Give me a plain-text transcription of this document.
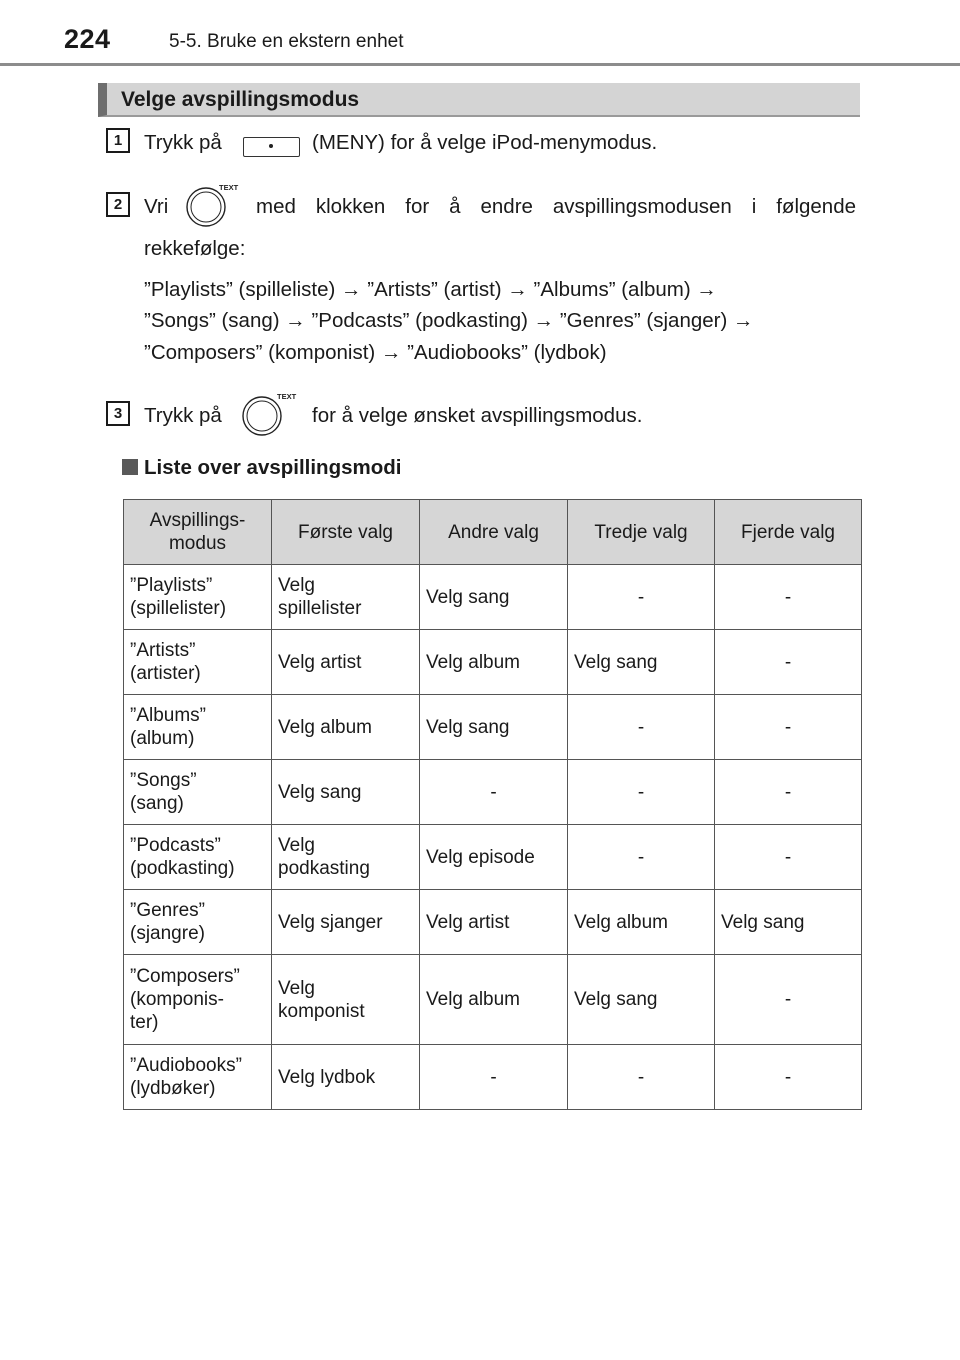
224	5-5. Bruke en ekstern enhet
Velge avspillingsmodus
1	Trykk på	(MENY) for å velge iPod-menymodus.
2	Vri
TEXT
med klokken for å endre avspillingsmodusen i følgende
rekkefølge:
”Playlists” (spilleliste) → ”Artists” (artist) → ”Albums” (album) →
”Songs” (sang) → ”Podcasts” (podkasting) → ”Genres” (sjanger) →
”Composers” (komponist) → ”Audiobooks” (lydbok)
3	Trykk på
TEXT
for å velge ønsket avspillingsmodus.
Liste over avspillingsmodi
Avspillings-
modus	Første valg	Andre valg	Tredje valg	Fjerde valg
”Playlists”
(spillelister)	Velg
spillelister	Velg sang	-	-
”Artists”
(artister)	Velg artist	Velg album	Velg sang	-
”Albums”
(album)	Velg album	Velg sang	-	-
”Songs”
(sang)	Velg sang	-	-	-
”Podcasts”
(podkasting)	Velg
podkasting	Velg episode	-	-
”Genres”
(sjangre)	Velg sjanger	Velg artist	Velg album	Velg sang
”Composers”
(komponis-
ter)	Velg
komponist	Velg album	Velg sang	-
”Audiobooks”
(lydbøker)	Velg lydbok	-	-	-
